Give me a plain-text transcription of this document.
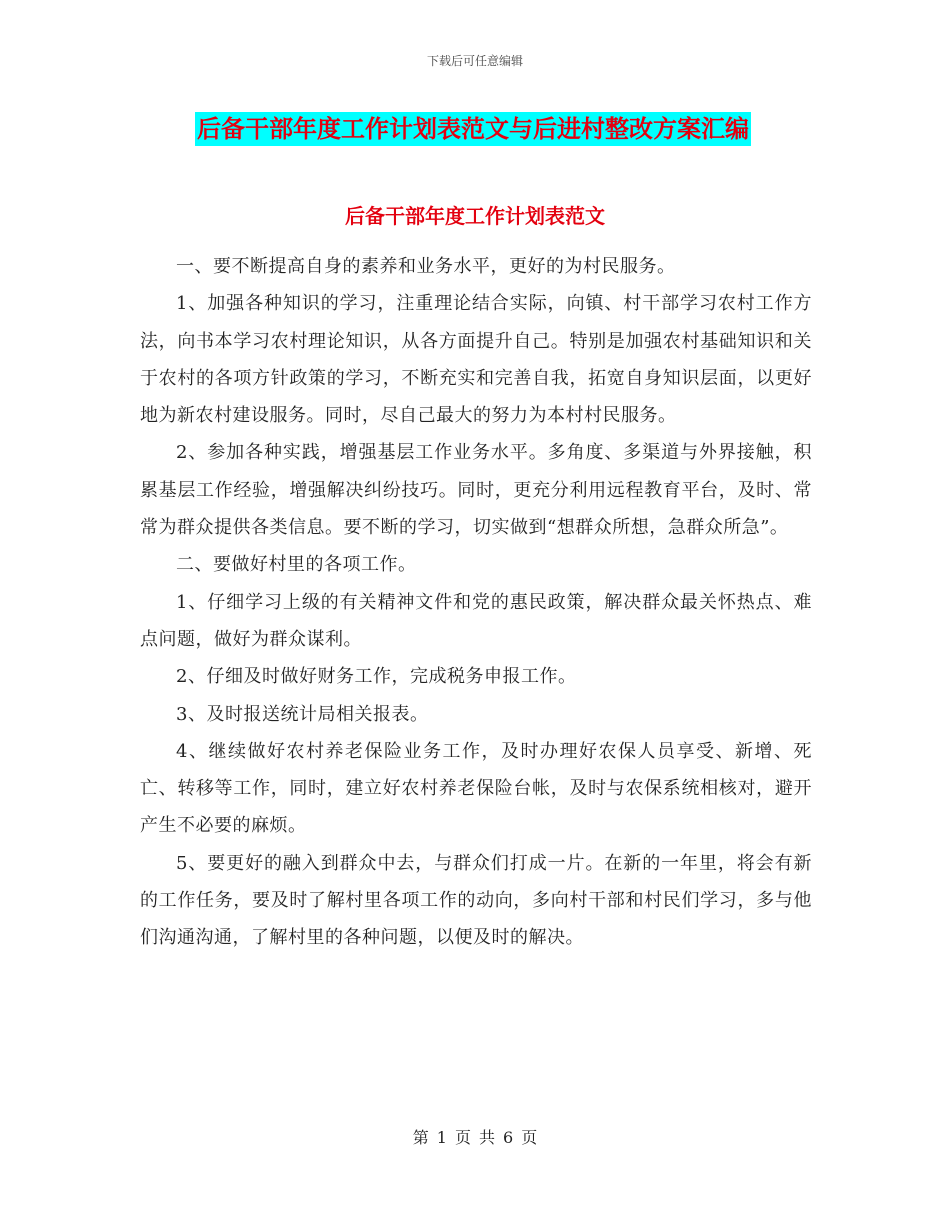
下载后可任意编辑
后备干部年度工作计划表范文与后进村整改方案汇编
后备干部年度工作计划表范文

一、要不断提高自身的素养和业务水平，更好的为村民服务。

1、加强各种知识的学习，注重理论结合实际，向镇、村干部学习农村工作方法，向书本学习农村理论知识，从各方面提升自己。特别是加强农村基础知识和关于农村的各项方针政策的学习，不断充实和完善自我，拓宽自身知识层面，以更好地为新农村建设服务。同时，尽自己最大的努力为本村村民服务。

2、参加各种实践，增强基层工作业务水平。多角度、多渠道与外界接触，积累基层工作经验，增强解决纠纷技巧。同时，更充分利用远程教育平台，及时、常常为群众提供各类信息。要不断的学习，切实做到“想群众所想，急群众所急”。

二、要做好村里的各项工作。

1、仔细学习上级的有关精神文件和党的惠民政策，解决群众最关怀热点、难点问题，做好为群众谋利。

2、仔细及时做好财务工作，完成税务申报工作。

3、及时报送统计局相关报表。

4、继续做好农村养老保险业务工作，及时办理好农保人员享受、新增、死亡、转移等工作，同时，建立好农村养老保险台帐，及时与农保系统相核对，避开产生不必要的麻烦。

5、要更好的融入到群众中去，与群众们打成一片。在新的一年里，将会有新的工作任务，要及时了解村里各项工作的动向，多向村干部和村民们学习，多与他们沟通沟通，了解村里的各种问题，以便及时的解决。

第 1 页 共 6 页
